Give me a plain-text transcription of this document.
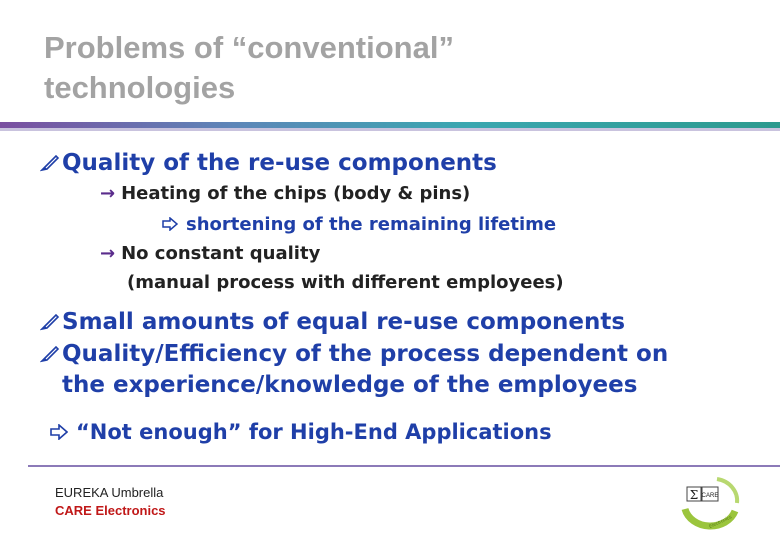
Problems of “conventional”
technologies
Quality of the re-use components
→ Heating of the chips (body & pins)
shortening of the remaining lifetime
→ No constant quality
(manual process with different employees)
Small amounts of equal re-use components
Quality/Efficiency of the process dependent on
the experience/knowledge of the employees
“Not enough” for High-End Applications
EUREKA Umbrella
CARE Electronics
Σ CARE
Electronics
